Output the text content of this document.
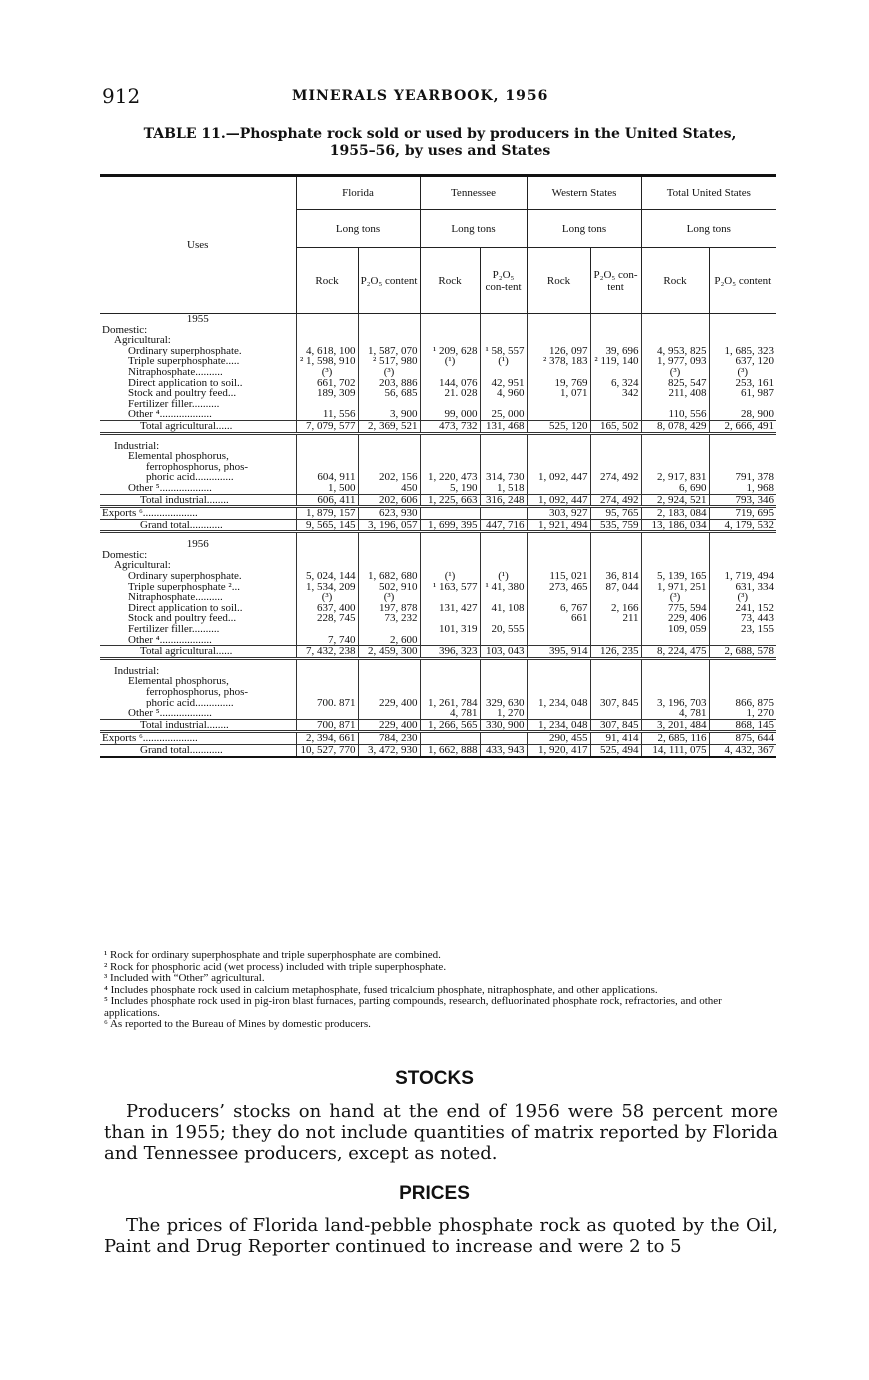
912	MINERALS YEARBOOK, 1956
TABLE 11.—Phosphate rock sold or used by producers in the United States,
1955–56, by uses and States
Uses	Florida		Tennessee		Western States		Total United States	
	Long tons		Long tons		Long tons		Long tons	
	Rock	P₂O₅ content	Rock	P₂O₅ con-tent	Rock	P₂O₅ con-tent	Rock	P₂O₅ content
1955								
Domestic:								
Agricultural:								
Ordinary superphosphate.	4, 618, 100	1, 587, 070	¹ 209, 628	¹ 58, 557	126, 097	39, 696	4, 953, 825	1, 685, 323
Triple superphosphate.....	² 1, 598, 910	² 517, 980	(¹)	(¹)	² 378, 183	² 119, 140	1, 977, 093	637, 120
Nitraphosphate..........	(³)	(³)					(³)	(³)
Direct application to soil..	661, 702	203, 886	144, 076	42, 951	19, 769	6, 324	825, 547	253, 161
Stock and poultry feed...	189, 309	56, 685	21. 028	4, 960	1, 071	342	211, 408	61, 987
Fertilizer filler..........								
Other ⁴...................	11, 556	3, 900	99, 000	25, 000			110, 556	28, 900
Total agricultural......	7, 079, 577	2, 369, 521	473, 732	131, 468	525, 120	165, 502	8, 078, 429	2, 666, 491

Industrial:								
Elemental phosphorus,								
ferrophosphorus, phos-								
phoric acid..............	604, 911	202, 156	1, 220, 473	314, 730	1, 092, 447	274, 492	2, 917, 831	791, 378
Other ⁵...................	1, 500	450	5, 190	1, 518			6, 690	1, 968
Total industrial........	606, 411	202, 606	1, 225, 663	316, 248	1, 092, 447	274, 492	2, 924, 521	793, 346
Exports ⁶....................	1, 879, 157	623, 930			303, 927	95, 765	2, 183, 084	719, 695
Grand total............	9, 565, 145	3, 196, 057	1, 699, 395	447, 716	1, 921, 494	535, 759	13, 186, 034	4, 179, 532

1956								
Domestic:								
Agricultural:								
Ordinary superphosphate.	5, 024, 144	1, 682, 680	(¹)	(¹)	115, 021	36, 814	5, 139, 165	1, 719, 494
Triple superphosphate ²...	1, 534, 209	502, 910	¹ 163, 577	¹ 41, 380	273, 465	87, 044	1, 971, 251	631, 334
Nitraphosphate..........	(³)	(³)					(³)	(³)
Direct application to soil..	637, 400	197, 878	131, 427	41, 108	6, 767	2, 166	775, 594	241, 152
Stock and poultry feed...	228, 745	73, 232			661	211	229, 406	73, 443
Fertilizer filler..........			101, 319	20, 555			109, 059	23, 155
Other ⁴...................	7, 740	2, 600						
Total agricultural......	7, 432, 238	2, 459, 300	396, 323	103, 043	395, 914	126, 235	8, 224, 475	2, 688, 578

Industrial:								
Elemental phosphorus,								
ferrophosphorus, phos-								
phoric acid..............	700. 871	229, 400	1, 261, 784	329, 630	1, 234, 048	307, 845	3, 196, 703	866, 875
Other ⁵...................			4, 781	1, 270			4, 781	1, 270
Total industrial........	700, 871	229, 400	1, 266, 565	330, 900	1, 234, 048	307, 845	3, 201, 484	868, 145
Exports ⁶....................	2, 394, 661	784, 230			290, 455	91, 414	2, 685, 116	875, 644
Grand total............	10, 527, 770	3, 472, 930	1, 662, 888	433, 943	1, 920, 417	525, 494	14, 111, 075	4, 432, 367

¹ Rock for ordinary superphosphate and triple superphosphate are combined.

² Rock for phosphoric acid (wet process) included with triple superphosphate.

³ Included with “Other” agricultural.

⁴ Includes phosphate rock used in calcium metaphosphate, fused tricalcium phosphate, nitraphosphate, and other applications.

⁵ Includes phosphate rock used in pig-iron blast furnaces, parting compounds, research, defluorinated phosphate rock, refractories, and other applications.

⁶ As reported to the Bureau of Mines by domestic producers.

STOCKS
Producers’ stocks on hand at the end of 1956 were 58 percent more than in 1955; they do not include quantities of matrix reported by Florida and Tennessee producers, except as noted.
PRICES
The prices of Florida land-pebble phosphate rock as quoted by the Oil, Paint and Drug Reporter continued to increase and were 2 to 5
